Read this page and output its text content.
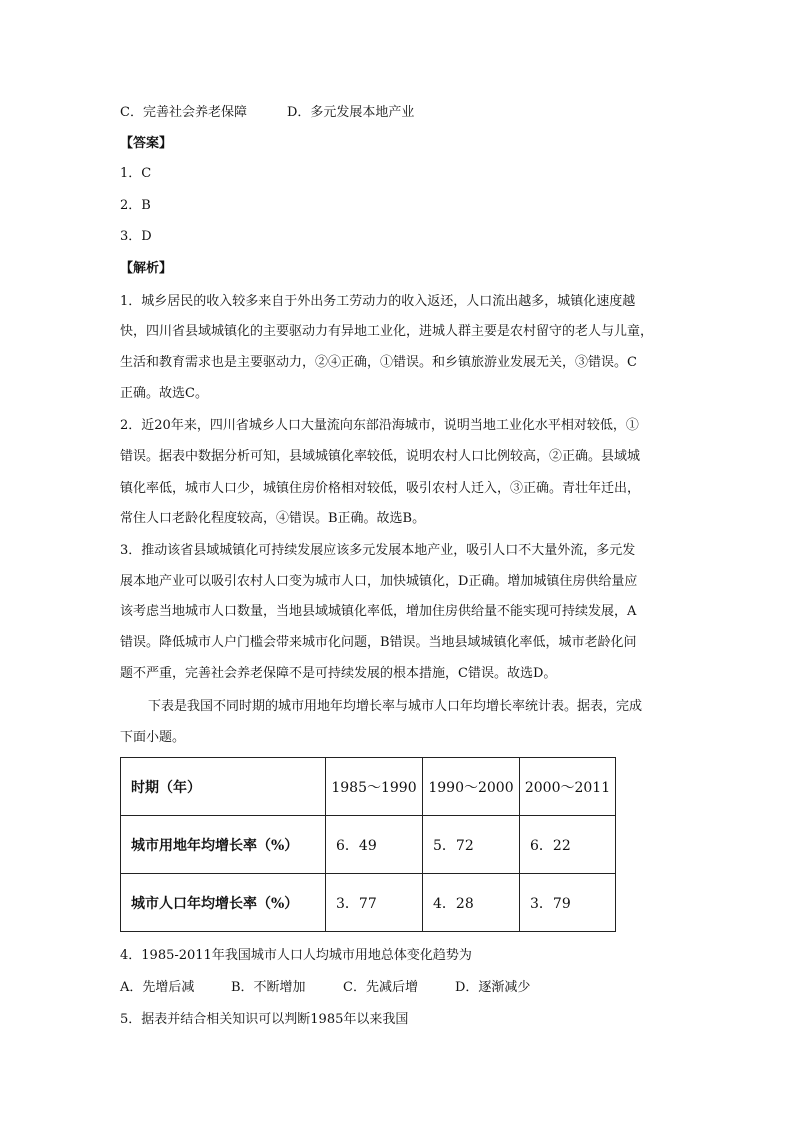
C．完善社会养老保障	D．多元发展本地产业
【答案】
1．C
2．B
3．D
【解析】
1．城乡居民的收入较多来自于外出务工劳动力的收入返还，人口流出越多，城镇化速度越
快，四川省县域城镇化的主要驱动力有异地工业化，进城人群主要是农村留守的老人与儿童，
生活和教育需求也是主要驱动力，②④正确，①错误。和乡镇旅游业发展无关，③错误。C
正确。故选C。
2．近20年来，四川省城乡人口大量流向东部沿海城市，说明当地工业化水平相对较低，①
错误。据表中数据分析可知，县域城镇化率较低，说明农村人口比例较高，②正确。县域城
镇化率低，城市人口少，城镇住房价格相对较低，吸引农村人迁入，③正确。青壮年迁出，
常住人口老龄化程度较高，④错误。B正确。故选B。
3．推动该省县域城镇化可持续发展应该多元发展本地产业，吸引人口不大量外流，多元发
展本地产业可以吸引农村人口变为城市人口，加快城镇化，D正确。增加城镇住房供给量应
该考虑当地城市人口数量，当地县域城镇化率低，增加住房供给量不能实现可持续发展，A
错误。降低城市人户门槛会带来城市化问题，B错误。当地县域城镇化率低，城市老龄化问
题不严重，完善社会养老保障不是可持续发展的根本措施，C错误。故选D。
下表是我国不同时期的城市用地年均增长率与城市人口年均增长率统计表。据表，完成
下面小题。
时期（年）	1985～1990	1990～2000	2000～2011
城市用地年均增长率（%）	6．49	5．72	6．22
城市人口年均增长率（%）	3．77	4．28	3．79
4．1985-2011年我国城市人口人均城市用地总体变化趋势为
A．先增后减	B．不断增加	C．先减后增	D．逐渐减少
5．据表并结合相关知识可以判断1985年以来我国
